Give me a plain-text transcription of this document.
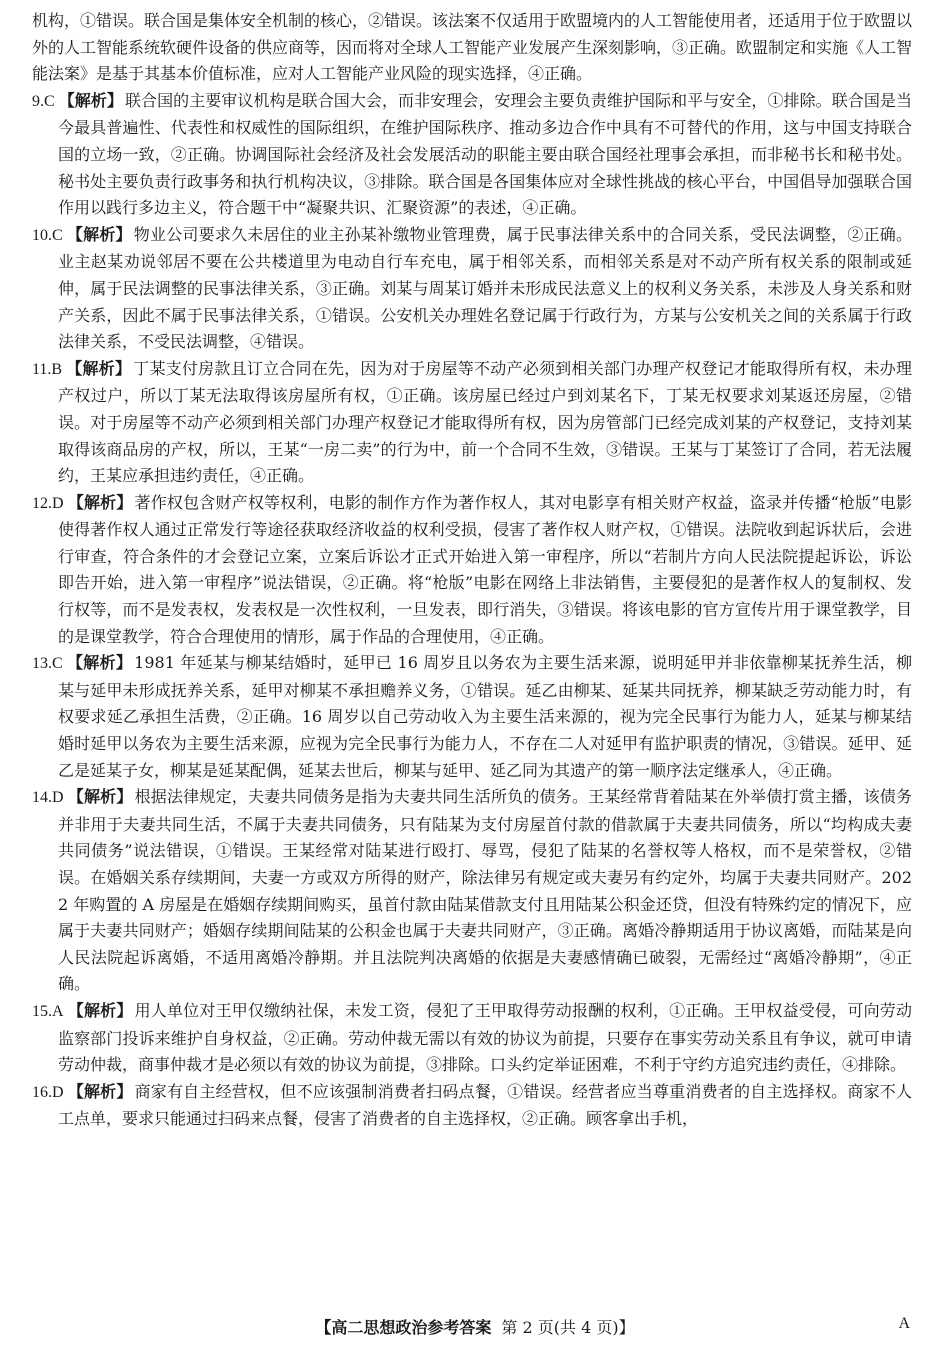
机构，①错误。联合国是集体安全机制的核心，②错误。该法案不仅适用于欧盟境内的人工智能使用者，还适用于位于欧盟以外的人工智能系统软硬件设备的供应商等，因而将对全球人工智能产业发展产生深刻影响，③正确。欧盟制定和实施《人工智能法案》是基于其基本价值标准，应对人工智能产业风险的现实选择，④正确。

9.C 【解析】 联合国的主要审议机构是联合国大会，而非安理会，安理会主要负责维护国际和平与安全，①排除。联合国是当今最具普遍性、代表性和权威性的国际组织，在维护国际秩序、推动多边合作中具有不可替代的作用，这与中国支持联合国的立场一致，②正确。协调国际社会经济及社会发展活动的职能主要由联合国经社理事会承担，而非秘书长和秘书处。秘书处主要负责行政事务和执行机构决议，③排除。联合国是各国集体应对全球性挑战的核心平台，中国倡导加强联合国作用以践行多边主义，符合题干中“凝聚共识、汇聚资源”的表述，④正确。

10.C 【解析】 物业公司要求久未居住的业主孙某补缴物业管理费，属于民事法律关系中的合同关系，受民法调整，②正确。业主赵某劝说邻居不要在公共楼道里为电动自行车充电，属于相邻关系，而相邻关系是对不动产所有权关系的限制或延伸，属于民法调整的民事法律关系，③正确。刘某与周某订婚并未形成民法意义上的权利义务关系，未涉及人身关系和财产关系，因此不属于民事法律关系，①错误。公安机关办理姓名登记属于行政行为，方某与公安机关之间的关系属于行政法律关系，不受民法调整，④错误。

11.B 【解析】 丁某支付房款且订立合同在先，因为对于房屋等不动产必须到相关部门办理产权登记才能取得所有权，未办理产权过户，所以丁某无法取得该房屋所有权，①正确。该房屋已经过户到刘某名下，丁某无权要求刘某返还房屋，②错误。对于房屋等不动产必须到相关部门办理产权登记才能取得所有权，因为房管部门已经完成刘某的产权登记，支持刘某取得该商品房的产权，所以，王某“一房二卖”的行为中，前一个合同不生效，③错误。王某与丁某签订了合同，若无法履约，王某应承担违约责任，④正确。

12.D 【解析】 著作权包含财产权等权利，电影的制作方作为著作权人，其对电影享有相关财产权益，盗录并传播“枪版”电影使得著作权人通过正常发行等途径获取经济收益的权利受损，侵害了著作权人财产权，①错误。法院收到起诉状后，会进行审查，符合条件的才会登记立案，立案后诉讼才正式开始进入第一审程序，所以“若制片方向人民法院提起诉讼，诉讼即告开始，进入第一审程序”说法错误，②正确。将“枪版”电影在网络上非法销售，主要侵犯的是著作权人的复制权、发行权等，而不是发表权，发表权是一次性权利，一旦发表，即行消失，③错误。将该电影的官方宣传片用于课堂教学，目的是课堂教学，符合合理使用的情形，属于作品的合理使用，④正确。

13.C 【解析】 1981 年延某与柳某结婚时，延甲已 16 周岁且以务农为主要生活来源，说明延甲并非依靠柳某抚养生活，柳某与延甲未形成抚养关系，延甲对柳某不承担赡养义务，①错误。延乙由柳某、延某共同抚养，柳某缺乏劳动能力时，有权要求延乙承担生活费，②正确。16 周岁以自己劳动收入为主要生活来源的，视为完全民事行为能力人，延某与柳某结婚时延甲以务农为主要生活来源，应视为完全民事行为能力人，不存在二人对延甲有监护职责的情况，③错误。延甲、延乙是延某子女，柳某是延某配偶，延某去世后，柳某与延甲、延乙同为其遗产的第一顺序法定继承人，④正确。

14.D 【解析】 根据法律规定，夫妻共同债务是指为夫妻共同生活所负的债务。王某经常背着陆某在外举债打赏主播，该债务并非用于夫妻共同生活，不属于夫妻共同债务，只有陆某为支付房屋首付款的借款属于夫妻共同债务，所以“均构成夫妻共同债务”说法错误，①错误。王某经常对陆某进行殴打、辱骂，侵犯了陆某的名誉权等人格权，而不是荣誉权，②错误。在婚姻关系存续期间，夫妻一方或双方所得的财产，除法律另有规定或夫妻另有约定外，均属于夫妻共同财产。2022 年购置的 A 房屋是在婚姻存续期间购买，虽首付款由陆某借款支付且用陆某公积金还贷，但没有特殊约定的情况下，应属于夫妻共同财产；婚姻存续期间陆某的公积金也属于夫妻共同财产，③正确。离婚冷静期适用于协议离婚，而陆某是向人民法院起诉离婚，不适用离婚冷静期。并且法院判决离婚的依据是夫妻感情确已破裂，无需经过“离婚冷静期”，④正确。

15.A 【解析】 用人单位对王甲仅缴纳社保，未发工资，侵犯了王甲取得劳动报酬的权利，①正确。王甲权益受侵，可向劳动监察部门投诉来维护自身权益，②正确。劳动仲裁无需以有效的协议为前提，只要存在事实劳动关系且有争议，就可申请劳动仲裁，商事仲裁才是必须以有效的协议为前提，③排除。口头约定举证困难，不利于守约方追究违约责任，④排除。

16.D 【解析】 商家有自主经营权，但不应该强制消费者扫码点餐，①错误。经营者应当尊重消费者的自主选择权。商家不人工点单，要求只能通过扫码来点餐，侵害了消费者的自主选择权，②正确。顾客拿出手机，

【高二思想政治参考答案 第 2 页(共 4 页)】	A
